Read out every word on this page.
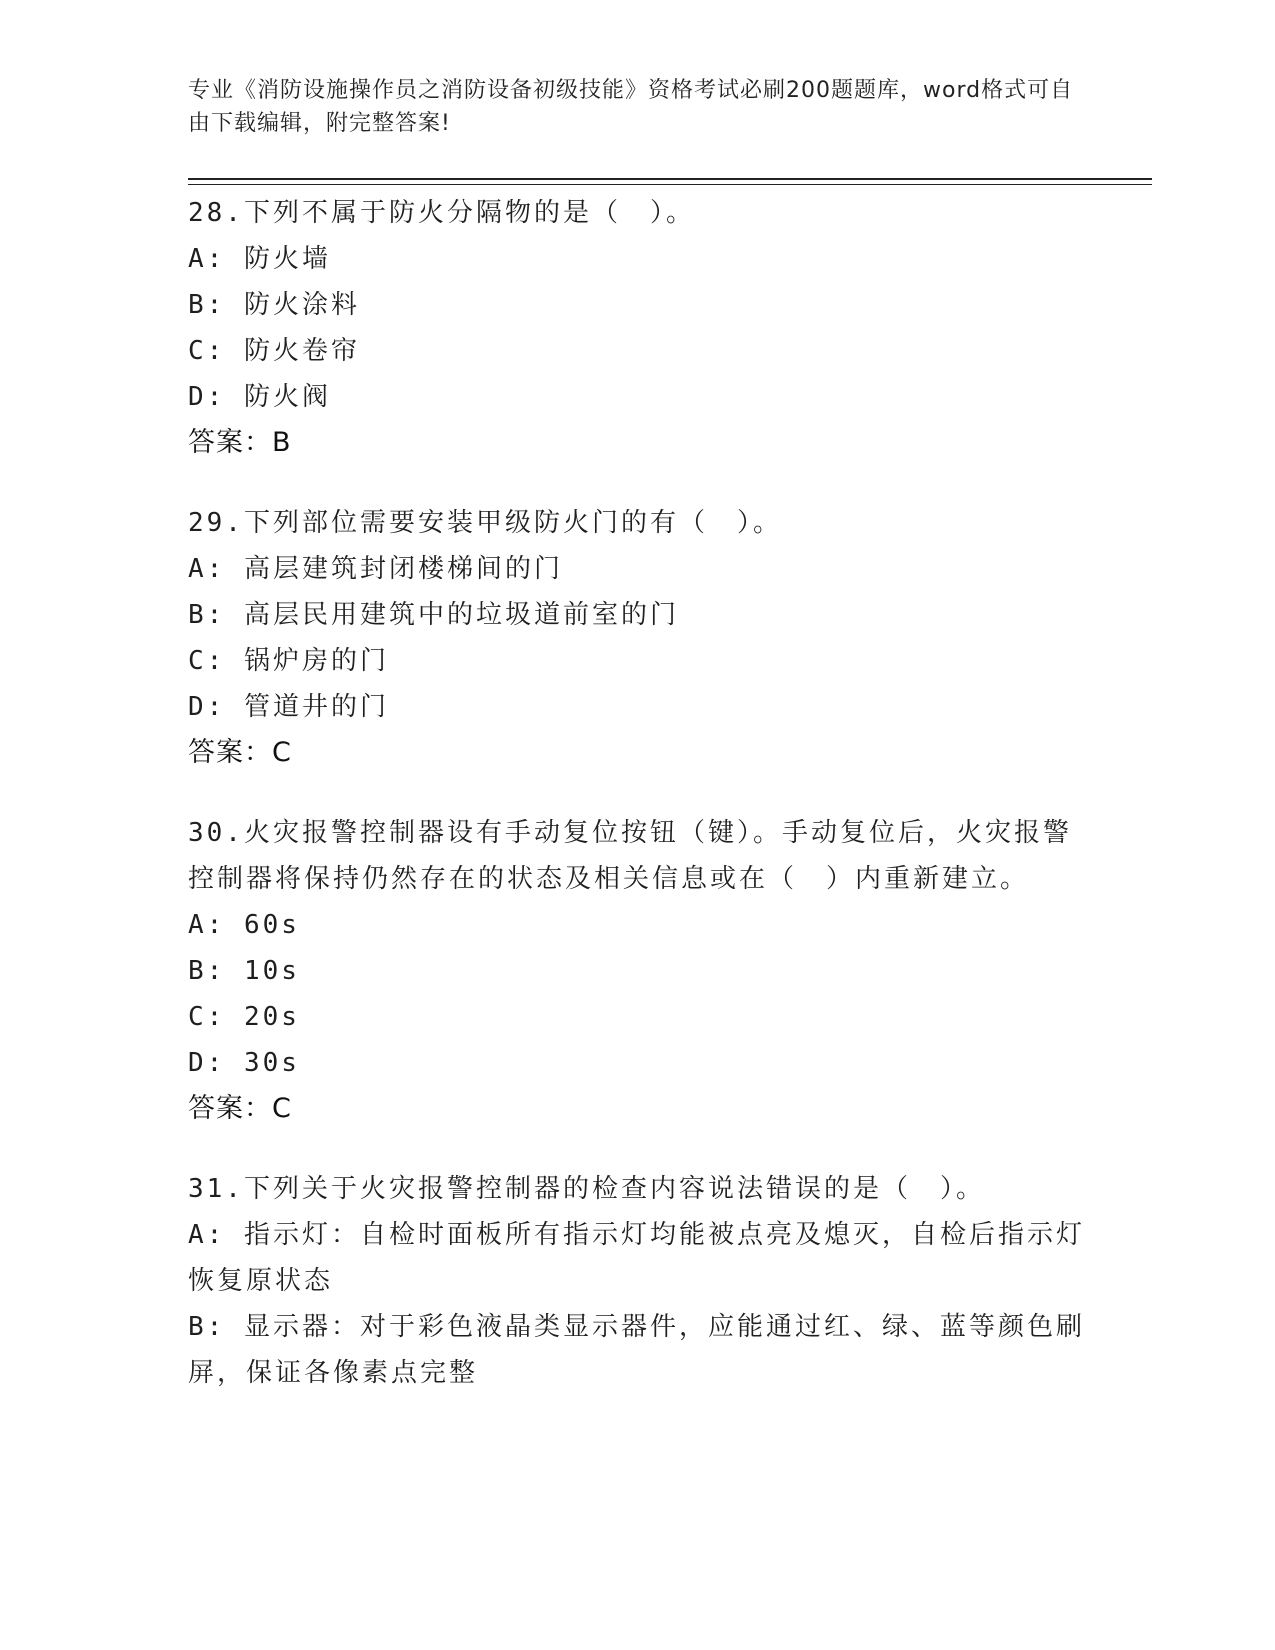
专业《消防设施操作员之消防设备初级技能》资格考试必刷200题题库，word格式可自由下载编辑，附完整答案!
28.下列不属于防火分隔物的是（　）。
A: 防火墙
B: 防火涂料
C: 防火卷帘
D: 防火阀
答案：B
29.下列部位需要安装甲级防火门的有（　）。
A: 高层建筑封闭楼梯间的门
B: 高层民用建筑中的垃圾道前室的门
C: 锅炉房的门
D: 管道井的门
答案：C
30.火灾报警控制器设有手动复位按钮（键）。手动复位后，火灾报警控制器将保持仍然存在的状态及相关信息或在（　）内重新建立。
A: 60s
B: 10s
C: 20s
D: 30s
答案：C
31.下列关于火灾报警控制器的检查内容说法错误的是（　）。
A: 指示灯：自检时面板所有指示灯均能被点亮及熄灭，自检后指示灯恢复原状态
B: 显示器：对于彩色液晶类显示器件，应能通过红、绿、蓝等颜色刷屏，保证各像素点完整
